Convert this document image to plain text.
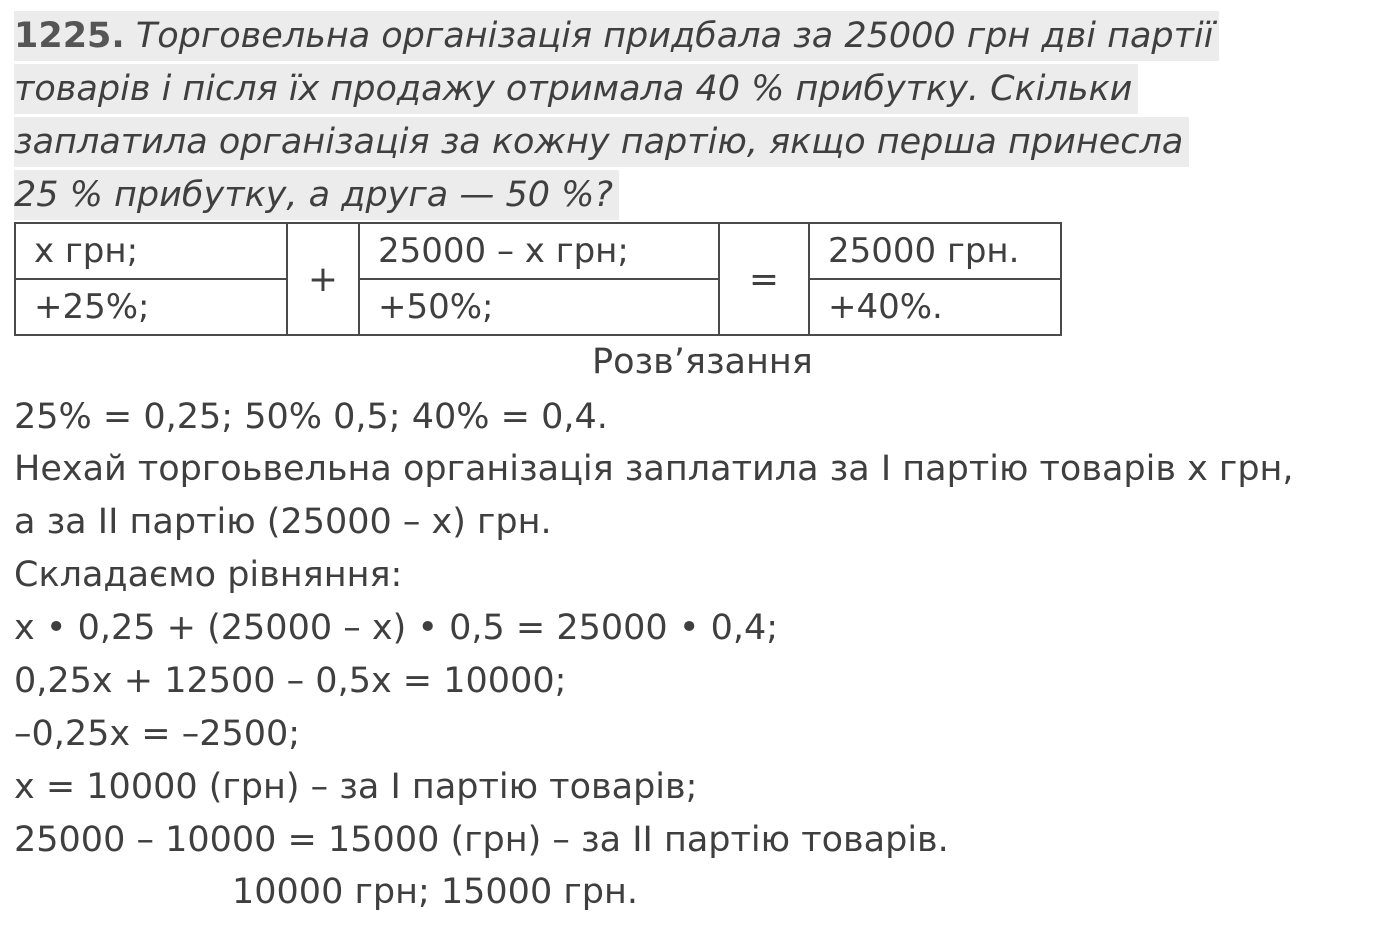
1225. Торговельна організація придбала за 25000 грн дві партії
товарів і після їх продажу отримала 40 % прибутку. Скільки
заплатила організація за кожну партію, якщо перша принесла
25 % прибутку, а друга — 50 %?
х грн;	+	25000 – х грн;	=	25000 грн.
+25%;		+50%;		+40%.
Розв’язання
25% = 0,25; 50% 0,5; 40% = 0,4.
Нехай торгоьвельна організація заплатила за І партію товарів х грн,
а за ІІ партію (25000 – х) грн.
Складаємо рівняння:
х • 0,25 + (25000 – х) • 0,5 = 25000 • 0,4;
0,25х + 12500 – 0,5х = 10000;
–0,25х = –2500;
х = 10000 (грн) – за І партію товарів;
25000 – 10000 = 15000 (грн) – за ІІ партію товарів.
10000 грн; 15000 грн.
